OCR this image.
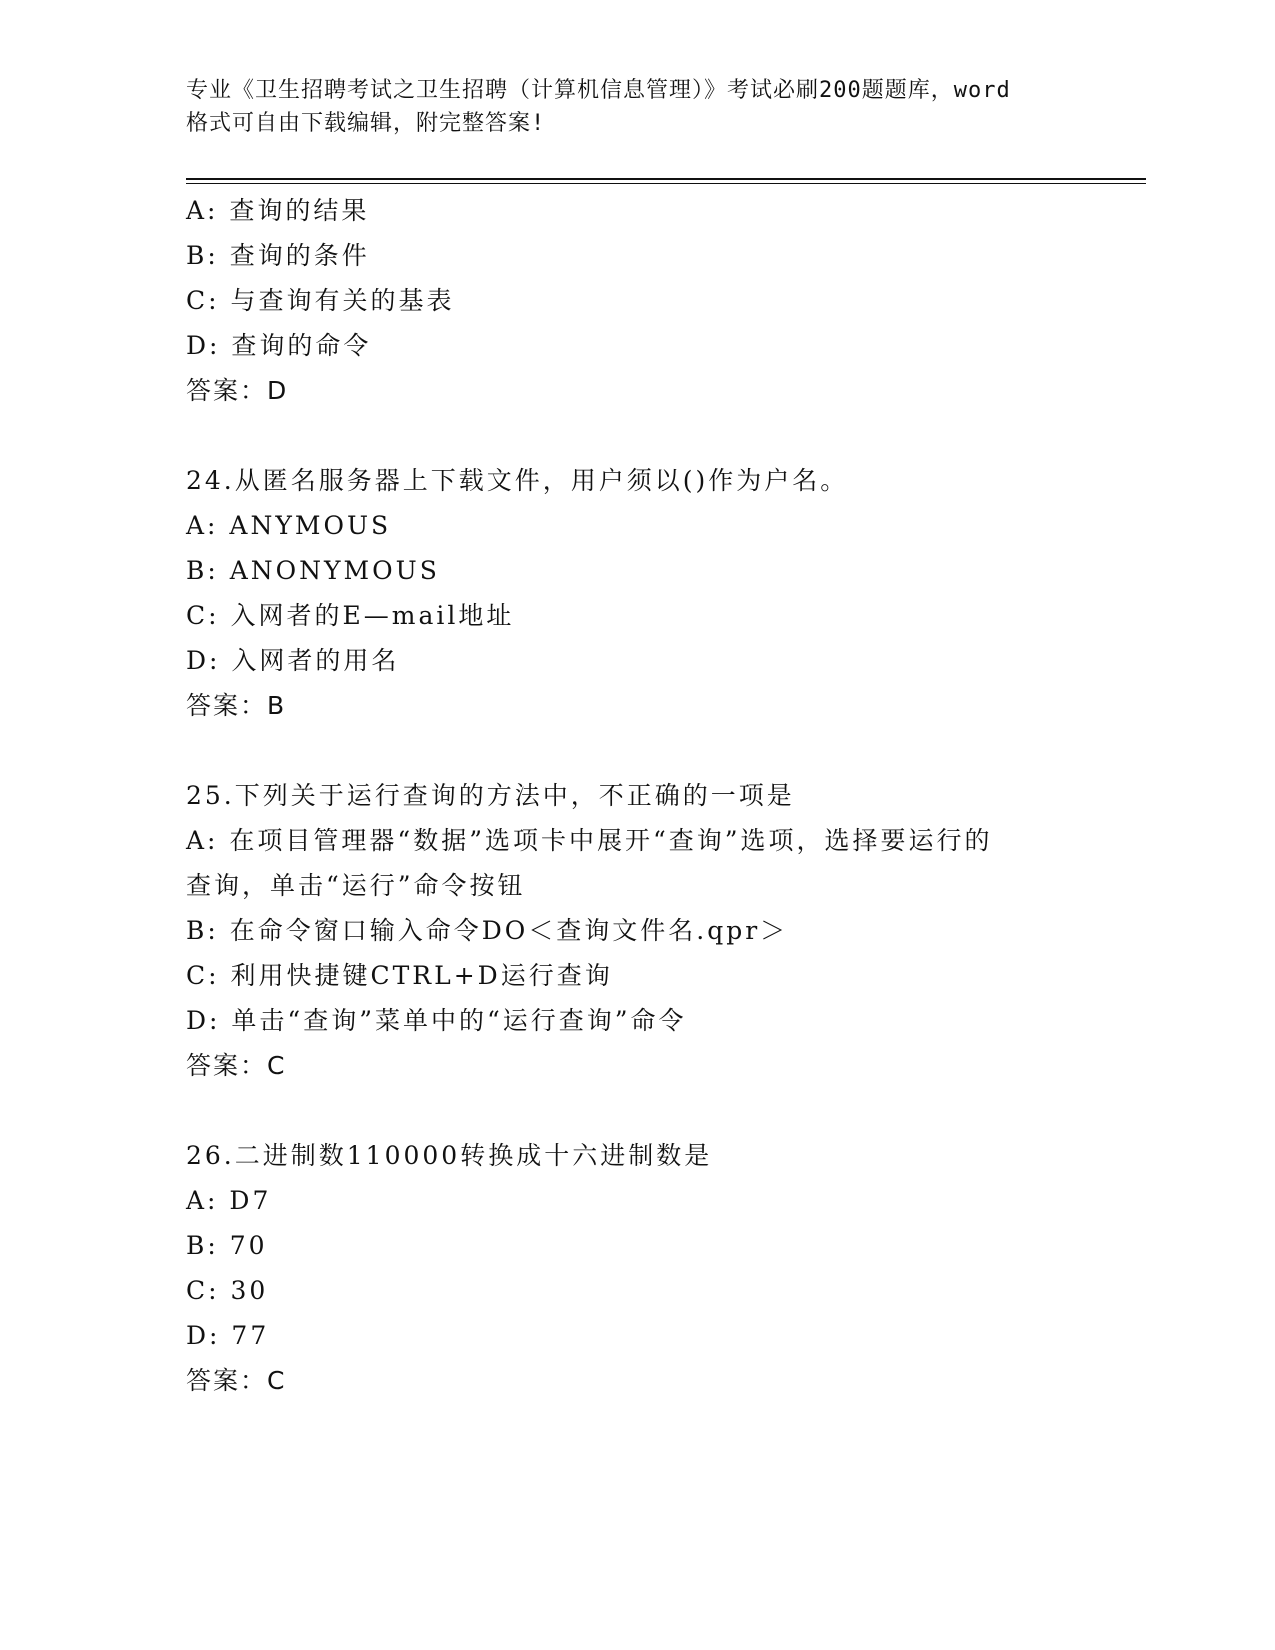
专业《卫生招聘考试之卫生招聘（计算机信息管理）》考试必刷200题题库，word
格式可自由下载编辑，附完整答案!
A: 查询的结果
B: 查询的条件
C: 与查询有关的基表
D: 查询的命令
答案：D
24.从匿名服务器上下载文件，用户须以()作为户名。
A: ANYMOUS
B: ANONYMOUS
C: 入网者的E—mail地址
D: 入网者的用名
答案：B
25.下列关于运行查询的方法中，不正确的一项是
A: 在项目管理器“数据”选项卡中展开“查询”选项，选择要运行的
查询，单击“运行”命令按钮
B: 在命令窗口输入命令DO＜查询文件名.qpr＞
C: 利用快捷键CTRL+D运行查询
D: 单击“查询”菜单中的“运行查询”命令
答案：C
26.二进制数110000转换成十六进制数是
A: D7
B: 70
C: 30
D: 77
答案：C
